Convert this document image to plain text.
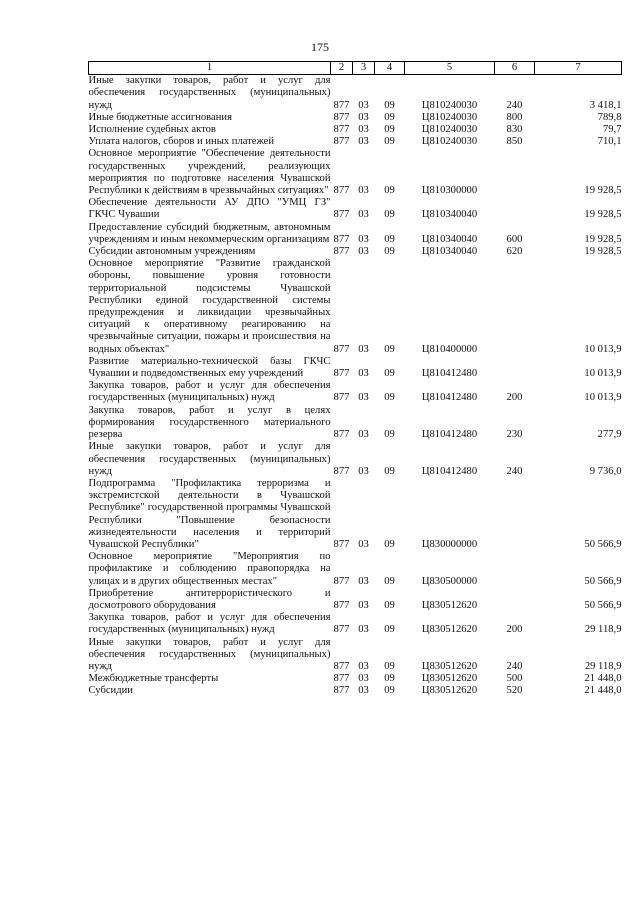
175
1	2	3	4	5	6	7
Иные закупки товаров, работ и услуг для обеспечения государственных (муниципальных) нужд	877	03	09	Ц810240030	240	3 418,1
Иные бюджетные ассигнования	877	03	09	Ц810240030	800	789,8
Исполнение судебных актов	877	03	09	Ц810240030	830	79,7
Уплата налогов, сборов и иных платежей	877	03	09	Ц810240030	850	710,1
Основное мероприятие "Обеспечение деятельности государственных учреждений, реализующих мероприятия по подготовке населения Чувашской Республики к действиям в чрезвычайных ситуациях"	877	03	09	Ц810300000		19 928,5
Обеспечение деятельности АУ ДПО "УМЦ ГЗ" ГКЧС Чувашии	877	03	09	Ц810340040		19 928,5
Предоставление субсидий бюджетным, автономным учреждениям и иным некоммерческим организациям	877	03	09	Ц810340040	600	19 928,5
Субсидии автономным учреждениям	877	03	09	Ц810340040	620	19 928,5
Основное мероприятие "Развитие гражданской обороны, повышение уровня готовности территориальной подсистемы Чувашской Республики единой государственной системы предупреждения и ликвидации чрезвычайных ситуаций к оперативному реагированию на чрезвычайные ситуации, пожары и происшествия на водных объектах"	877	03	09	Ц810400000		10 013,9
Развитие материально-технической базы ГКЧС Чувашии и подведомственных ему учреждений	877	03	09	Ц810412480		10 013,9
Закупка товаров, работ и услуг для обеспечения государственных (муниципальных) нужд	877	03	09	Ц810412480	200	10 013,9
Закупка товаров, работ и услуг в целях формирования государственного материального резерва	877	03	09	Ц810412480	230	277,9
Иные закупки товаров, работ и услуг для обеспечения государственных (муниципальных) нужд	877	03	09	Ц810412480	240	9 736,0
Подпрограмма "Профилактика терроризма и экстремистской деятельности в Чувашской Республике" государственной программы Чувашской Республики "Повышение безопасности жизнедеятельности населения и территорий Чувашской Республики"	877	03	09	Ц830000000		50 566,9
Основное мероприятие "Мероприятия по профилактике и соблюдению правопорядка на улицах и в других общественных местах"	877	03	09	Ц830500000		50 566,9
Приобретение антитеррористического и досмотрового оборудования	877	03	09	Ц830512620		50 566,9
Закупка товаров, работ и услуг для обеспечения государственных (муниципальных) нужд	877	03	09	Ц830512620	200	29 118,9
Иные закупки товаров, работ и услуг для обеспечения государственных (муниципальных) нужд	877	03	09	Ц830512620	240	29 118,9
Межбюджетные трансферты	877	03	09	Ц830512620	500	21 448,0
Субсидии	877	03	09	Ц830512620	520	21 448,0
